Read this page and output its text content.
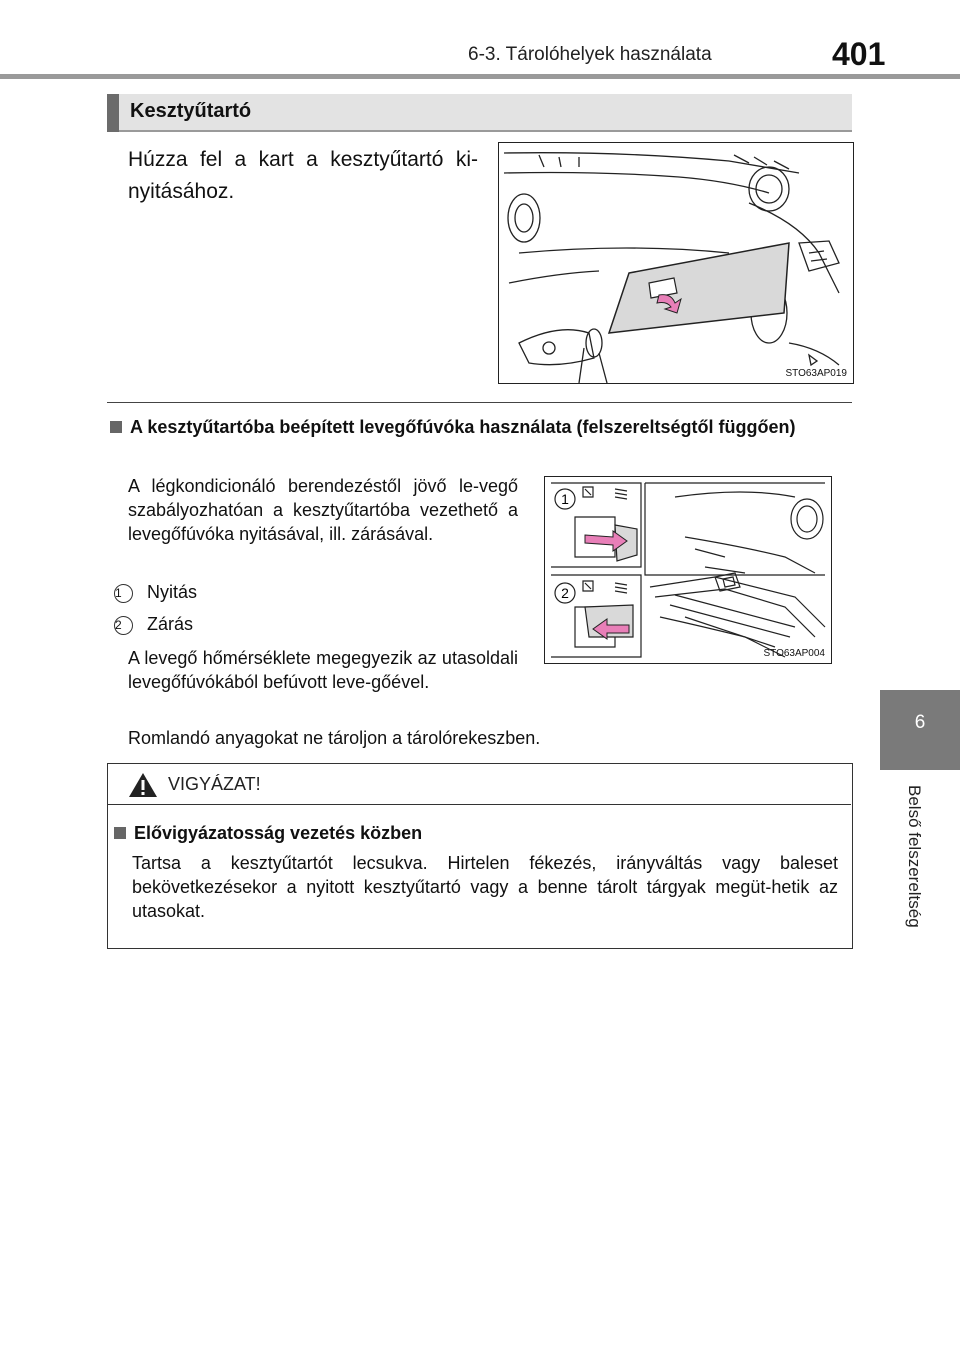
6-3. Tárolóhelyek használata	401
6
Belső felszereltség
Kesztyűtartó
Húzza fel a kart a kesztyűtartó ki-nyitásához.
STO63AP019
A kesztyűtartóba beépített levegőfúvóka használata (felszereltségtől függően)
A légkondicionáló berendezéstől jövő le-vegő szabályozhatóan a kesztyűtartóba vezethető a levegőfúvóka nyitásával, ill. zárásával.
1 Nyitás
2 Zárás
A levegő hőmérséklete megegyezik az utasoldali levegőfúvókából befúvott leve-gőével.
Romlandó anyagokat ne tároljon a tárolórekeszben.
1
2
STO63AP004
VIGYÁZAT!
Elővigyázatosság vezetés közben
Tartsa a kesztyűtartót lecsukva. Hirtelen fékezés, irányváltás vagy baleset bekövetkezésekor a nyitott kesztyűtartó vagy a benne tárolt tárgyak megüt-hetik az utasokat.
